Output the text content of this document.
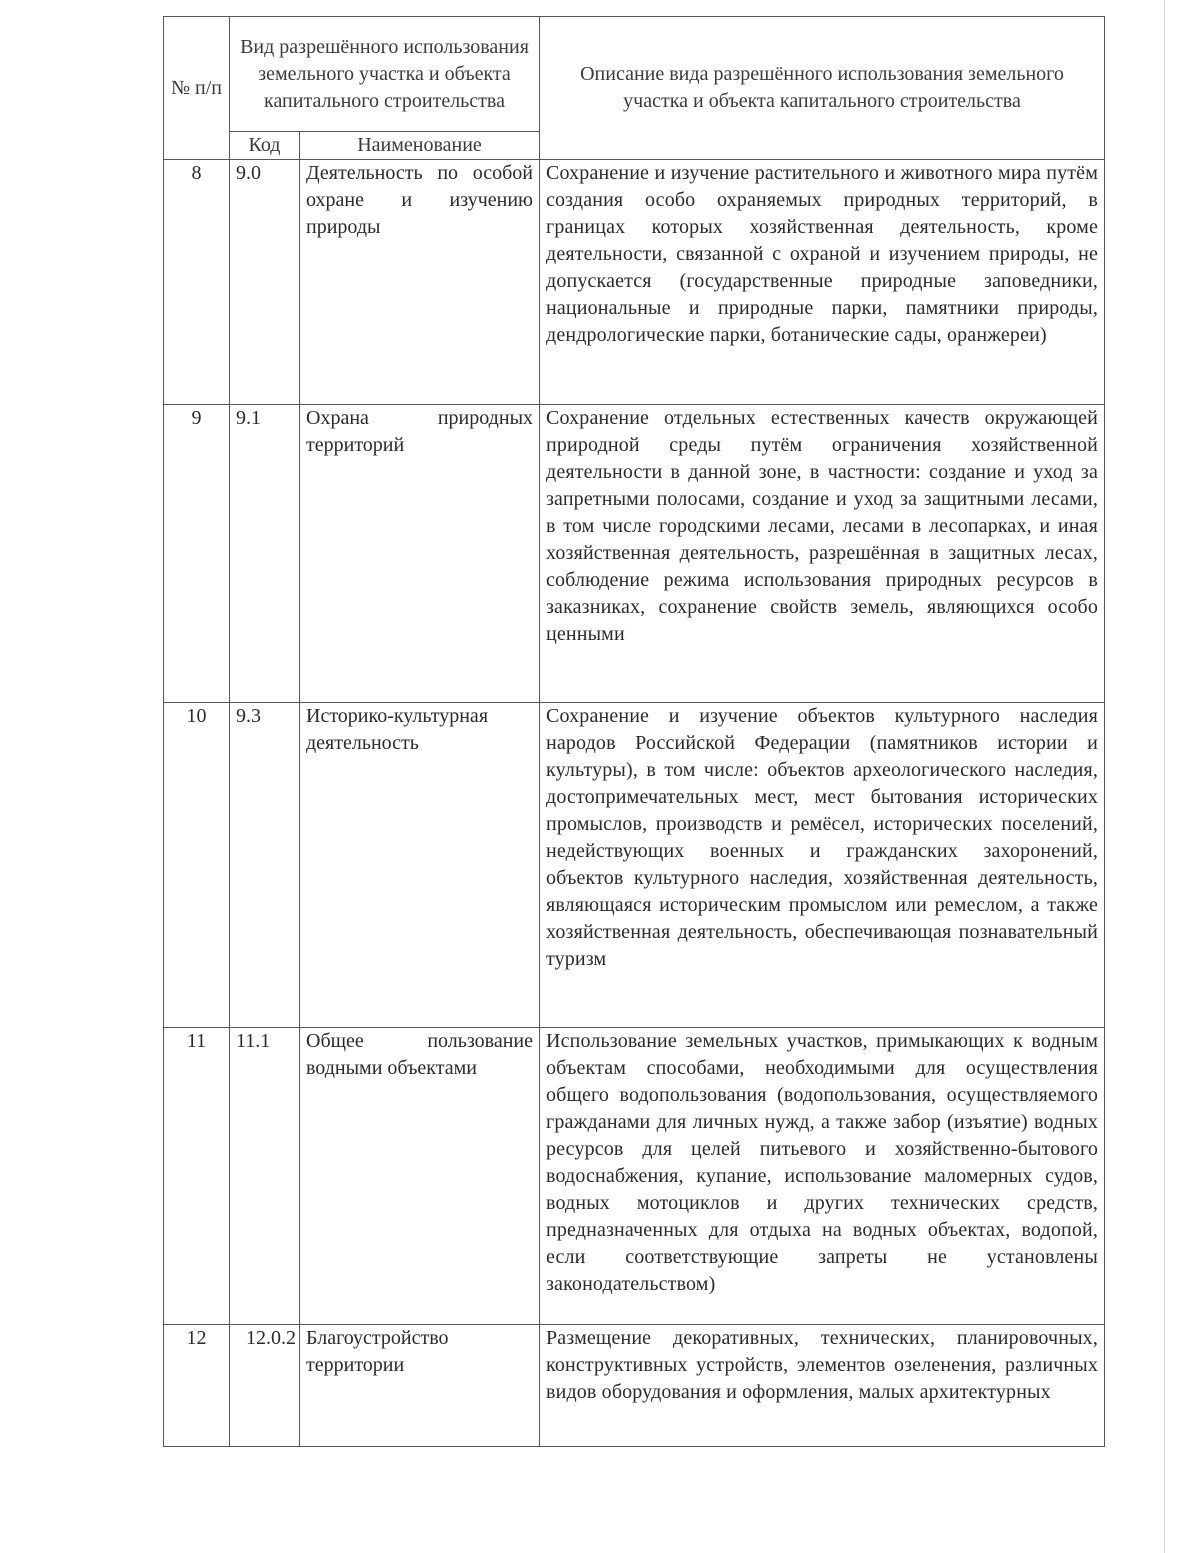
№ п/п	Вид разрешённого использования земельного участка и объекта капитального строительства		Описание вида разрешённого использования земельного участка и объекта капитального строительства
	Код	Наименование	
8	9.0	Деятельность по особой охране и изучению природы	Сохранение и изучение растительного и животного мира путём создания особо охраняемых природных территорий, в границах которых хозяйственная деятельность, кроме деятельности, связанной с охраной и изучением природы, не допускается (государственные природные заповедники, национальные и природные парки, памятники природы, дендрологические парки, ботанические сады, оранжереи)
9	9.1	Охрана природных территорий	Сохранение отдельных естественных качеств окружающей природной среды путём ограничения хозяйственной деятельности в данной зоне, в частности: создание и уход за запретными полосами, создание и уход за защитными лесами, в том числе городскими лесами, лесами в лесопарках, и иная хозяйственная деятельность, разрешённая в защитных лесах, соблюдение режима использования природных ресурсов в заказниках, сохранение свойств земель, являющихся особо ценными
10	9.3	Историко-культурная деятельность	Сохранение и изучение объектов культурного наследия народов Российской Федерации (памятников истории и культуры), в том числе: объектов археологического наследия, достопримечательных мест, мест бытования исторических промыслов, производств и ремёсел, исторических поселений, недействующих военных и гражданских захоронений, объектов культурного наследия, хозяйственная деятельность, являющаяся историческим промыслом или ремеслом, а также хозяйственная деятельность, обеспечивающая познавательный туризм
11	11.1	Общее пользование водными объектами	Использование земельных участков, примыкающих к водным объектам способами, необходимыми для осуществления общего водопользования (водопользования, осуществляемого гражданами для личных нужд, а также забор (изъятие) водных ресурсов для целей питьевого и хозяйственно-бытового водоснабжения, купание, использование маломерных судов, водных мотоциклов и других технических средств, предназначенных для отдыха на водных объектах, водопой, если соответствующие запреты не установлены законодательством)
12	12.0.2	Благоустройство территории	Размещение декоративных, технических, планировочных, конструктивных устройств, элементов озеленения, различных видов оборудования и оформления, малых архитектурных
